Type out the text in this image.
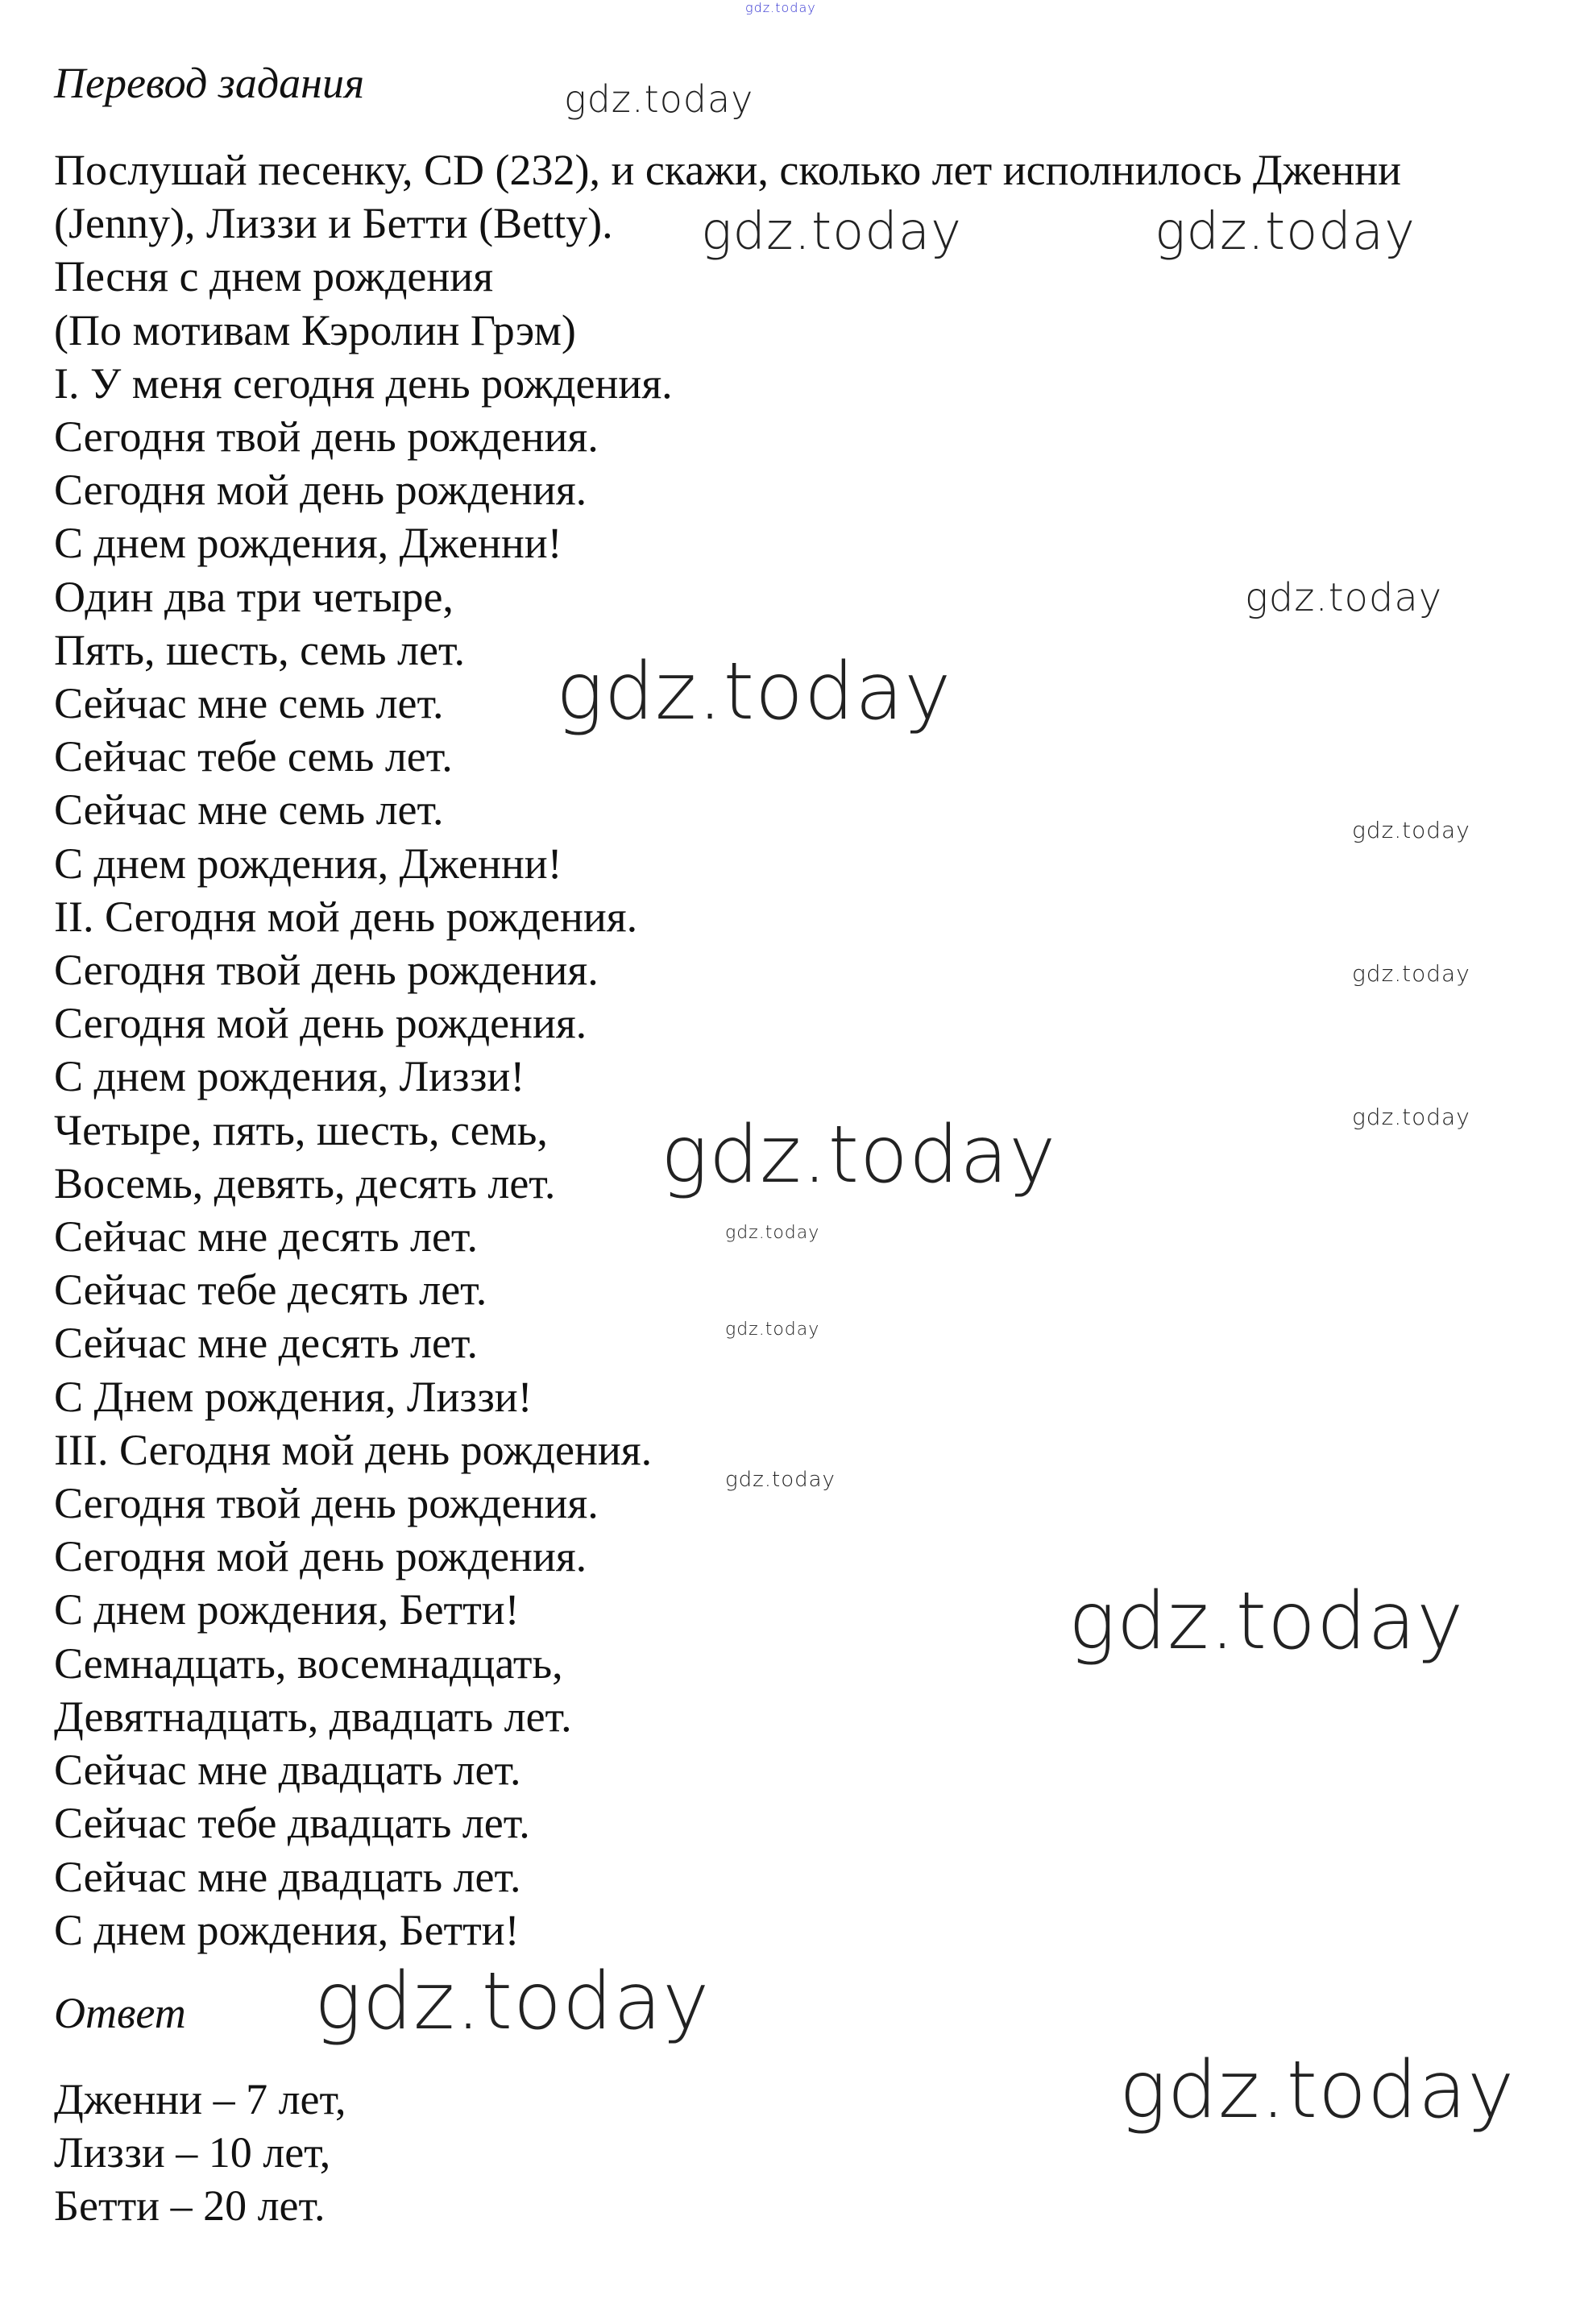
gdz.today
Перевод задания
Послушай песенку, CD (232), и скажи, сколько лет исполнилось Дженни
(Jenny), Лиззи и Бетти (Betty).
Песня с днем рождения
(По мотивам Кэролин Грэм)
I. У меня сегодня день рождения.
Сегодня твой день рождения.
Сегодня мой день рождения.
С днем рождения, Дженни!
Один два три четыре,
Пять, шесть, семь лет.
Сейчас мне семь лет.
Сейчас тебе семь лет.
Сейчас мне семь лет.
С днем рождения, Дженни!
II. Сегодня мой день рождения.
Сегодня твой день рождения.
Сегодня мой день рождения.
С днем рождения, Лиззи!
Четыре, пять, шесть, семь,
Восемь, девять, десять лет.
Сейчас мне десять лет.
Сейчас тебе десять лет.
Сейчас мне десять лет.
С Днем рождения, Лиззи!
III. Сегодня мой день рождения.
Сегодня твой день рождения.
Сегодня мой день рождения.
С днем рождения, Бетти!
Семнадцать, восемнадцать,
Девятнадцать, двадцать лет.
Сейчас мне двадцать лет.
Сейчас тебе двадцать лет.
Сейчас мне двадцать лет.
С днем рождения, Бетти!
Ответ
Дженни – 7 лет,
Лиззи – 10 лет,
Бетти – 20 лет.
gdz.today
gdz.today	gdz.today
gdz.today
gdz.today
gdz.today
gdz.today
gdz.today
gdz.today
gdz.today
gdz.today
gdz.today
gdz.today
gdz.today
gdz.today
